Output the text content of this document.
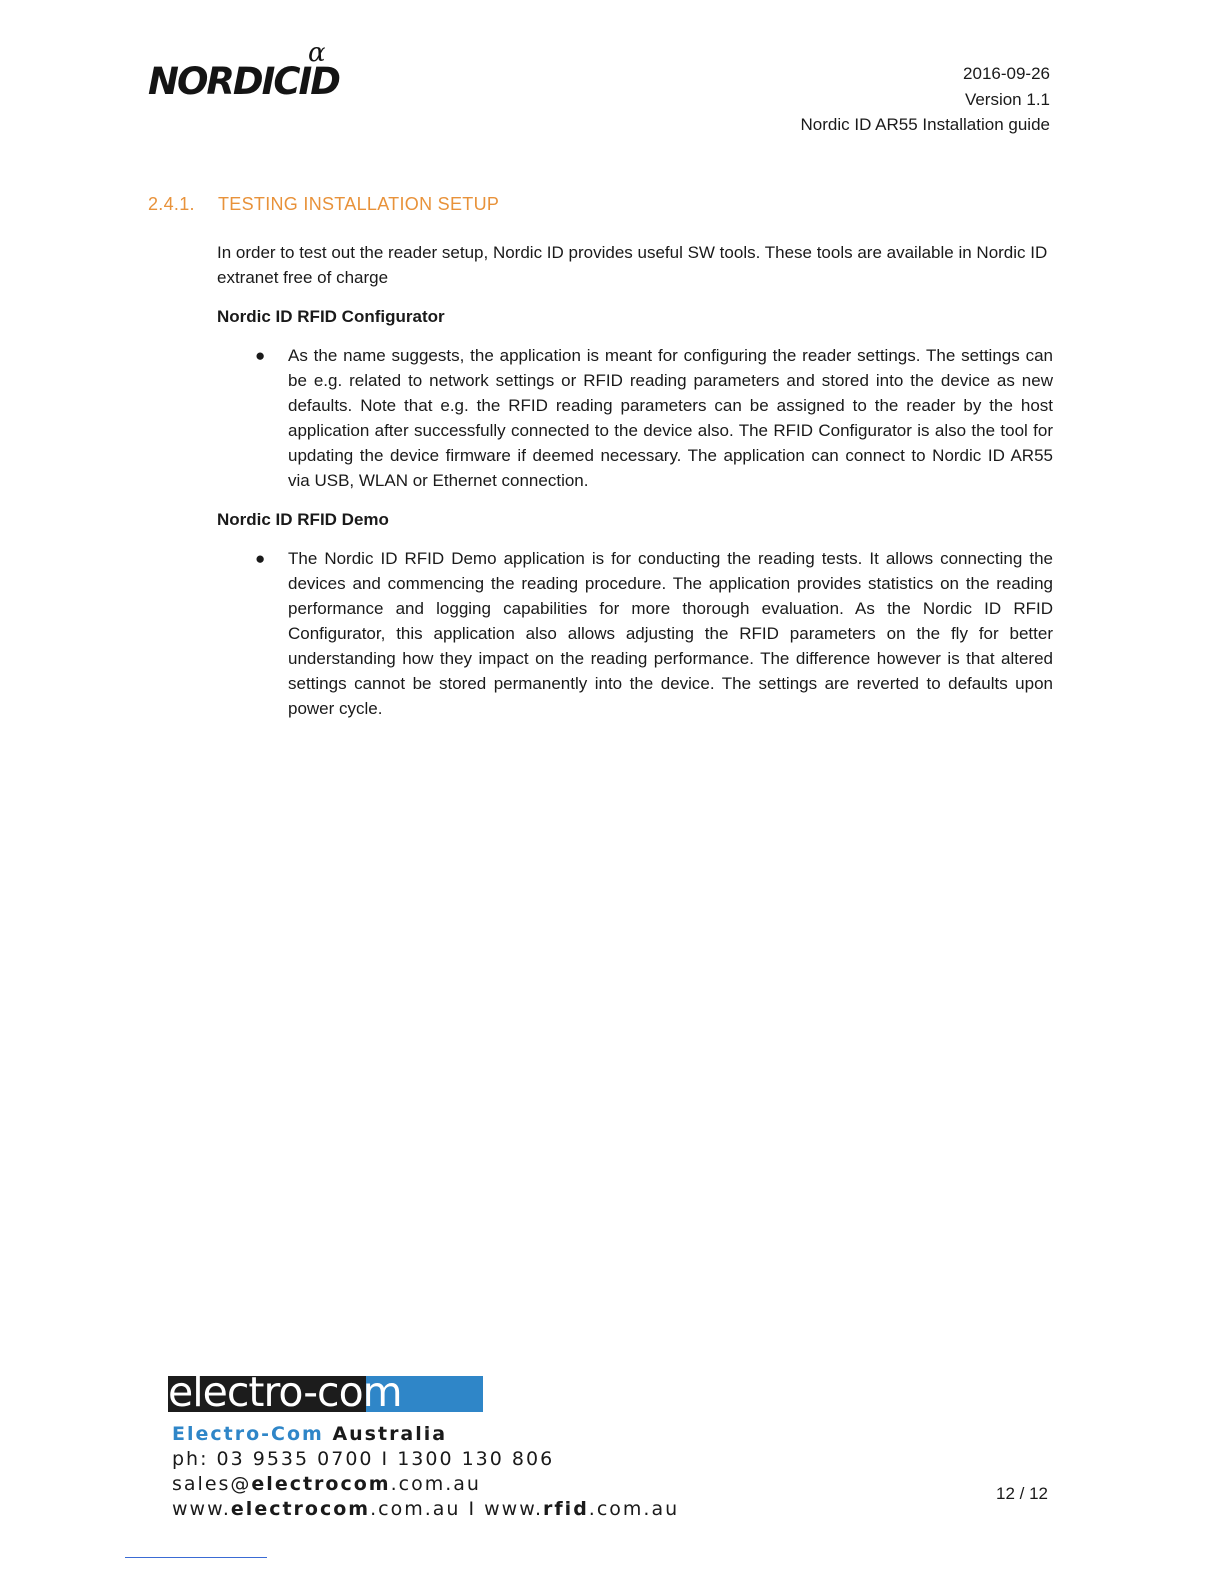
ɑ
NORDICID	2016-09-26
Version 1.1
Nordic ID AR55 Installation guide
2.4.1. TESTING INSTALLATION SETUP

In order to test out the reader setup, Nordic ID provides useful SW tools. These tools are available in Nordic ID extranet free of charge

Nordic ID RFID Configurator

● As the name suggests, the application is meant for configuring the reader settings. The settings can be e.g. related to network settings or RFID reading parameters and stored into the device as new defaults. Note that e.g. the RFID reading parameters can be assigned to the reader by the host application after successfully connected to the device also. The RFID Configurator is also the tool for updating the device firmware if deemed necessary. The application can connect to Nordic ID AR55 via USB, WLAN or Ethernet connection.

Nordic ID RFID Demo

● The Nordic ID RFID Demo application is for conducting the reading tests. It allows connecting the devices and commencing the reading procedure. The application provides statistics on the reading performance and logging capabilities for more thorough evaluation. As the Nordic ID RFID Configurator, this application also allows adjusting the RFID parameters on the fly for better understanding how they impact on the reading performance. The difference however is that altered settings cannot be stored permanently into the device. The settings are reverted to defaults upon power cycle.
electro-com
Electro-Com Australia
ph: 03 9535 0700 I 1300 130 806
sales@electrocom.com.au
www.electrocom.com.au I www.rfid.com.au
12 / 12
